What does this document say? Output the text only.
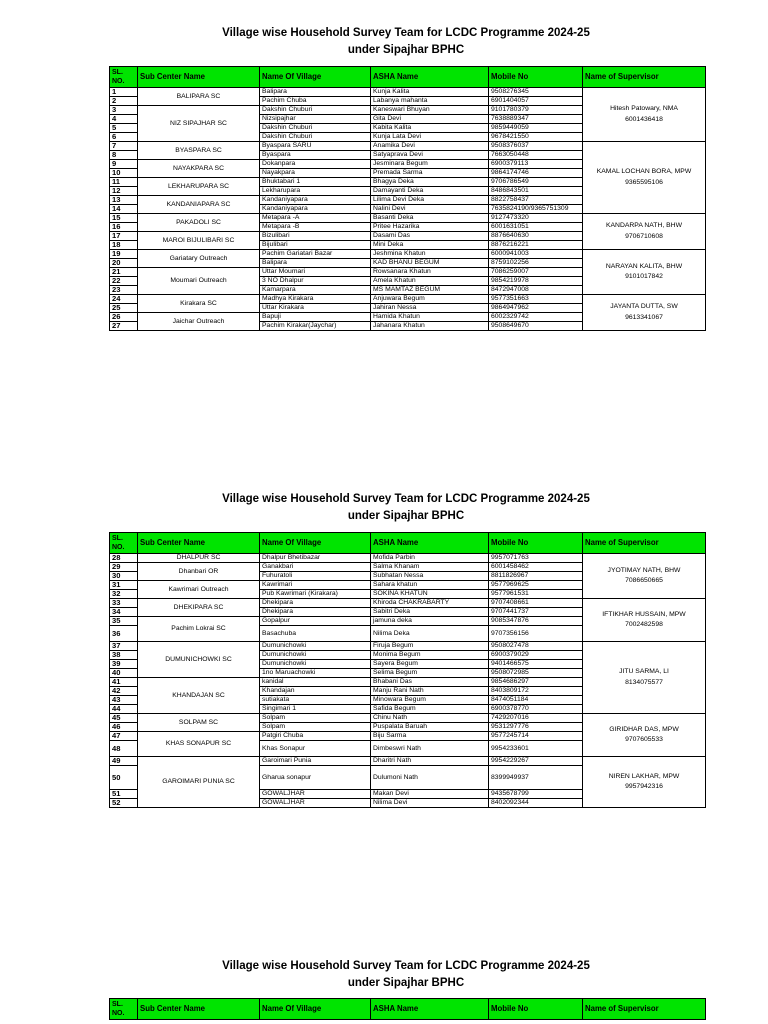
Village wise Household Survey Team for LCDC Programme 2024-25
under Sipajhar BPHC
SL.
NO.	Sub Center Name	Name Of Village	ASHA Name	Mobile No	Name of Supervisor
1	BALIPARA SC	Balipara	Kunja Kalita	9508276345	Hitesh Patowary, NMA
6001436418

2		Pachim Chuba	Labanya mahanta	6901404057	
3	NIZ SIPAJHAR SC	Dakshin Chuburi	Kaneswari Bhuyan	9101780379	
4		Nizsipajhar	Gita Devi	7638889347	
5		Dakshin Chuburi	Kabita Kalita	9859449059	
6		Dakshin Chuburi	Kunja Lata Devi	9678421550	
7	BYASPARA SC	Byaspara SARU	Anamika Devi	9508376037	KAMAL LOCHAN BORA, MPW
9365595106

8		Byaspara	Satyaprava Devi	7663050448	
9	NAYAKPARA SC	Dokanpara	Jesminara Begum	6900379113	
10		Nayakpara	Premada Sarma	9864174746	
11	LEKHARUPARA SC	Bhuktabari 1	Bhagya Deka	9706786549	
12		Lekharupara	Damayanti Deka	8486843501	
13	KANDANIAPARA SC	Kandaniyapara	Lilima Devi Deka	8822758437	
14		Kandaniyapara	Nalini Devi	7635824190/9365751309	
15	PAKADOLI SC	Metapara -A	Basanti Deka	9127473320	KANDARPA NATH, BHW
9706710608

16		Metapara -B	Pritee Hazarika	6001631051	
17	MAROI BIJULIBARI SC	Bizulibari	Dasami Das	8876640630	
18		Bijulibari	Mini Deka	8876216221	
19	Gariatary Outreach	Pachim Gariatari Bazar	Jeshmina Khatun	6000941003	NARAYAN KALITA, BHW
9101017842

20		Balipara	KAD BHANU BEGUM	8759102256	
21	Moumari Outreach	Uttar Moumari	Rowsanara Khatun	7086259007	
22		3 NO Dhalpur	Amela Khatun	9854219978	
23		Kamarpara	MS MAMTAZ BEGUM	8472947008	
24	Kirakara SC	Madhya Kirakara	Anjuwara Begum	9577351663	JAYANTA DUTTA, SW
9613341067

25		Uttar Kirakara	Jahiran Nessa	9864947962	
26	Jaichar Outreach	Bapuji	Hamida Khatun	6002329742	
27		Pachim Kirakar(Jaychar)	Jahanara Khatun	9508649670	
Village wise Household Survey Team for LCDC Programme 2024-25
under Sipajhar BPHC
SL.
NO.	Sub Center Name	Name Of Village	ASHA Name	Mobile No	Name of Supervisor
28	DHALPUR SC	Dhalpur Bhetibazar	Mofida Parbin	9957071763	JYOTIMAY NATH, BHW
7086650665

29	Dhanbari OR	Ganakbari	Salma Khanam	6001458462	
30		Fuhuratoli	Subhatan Nessa	8811826967	
31	Kawrimari Outreach	Kawrimari	Sahara khatun	9577969625	
32		Pub Kawrimari (Kirakara)	SOKINA KHATUN	9577961531	
33	DHEKIPARA SC	Dhekipara	Khiroda CHAKRABARTY	9707408661	IFTIKHAR HUSSAIN, MPW
7002482598

34		Dhekipara	Sabitri Deka	9707441737	
35	Pachim Lokrai SC	Gopalpur	jamuna deka	9085347876	
36		Basachuba	Nilima Deka	9707356156	
37	DUMUNICHOWKI SC	Dumunichowki	Firuja Begum	9508027478	JITU SARMA, LI
8134075577

38		Dumunichowki	Monima Begum	6900379029	
39		Dumunichowki	Sayera Begum	9401466575	
40		1no Maruachowki	Selima Begum	9508072985	
41	KHANDAJAN SC	kanidal	Bhabani Das	9854686297	
42		Khandajan	Manju Rani Nath	8403809172	
43		sutiakata	Minowara Begum	8474051184	
44		Singimari 1	Safida Begum	6900378770	
45	SOLPAM SC	Solpam	Chinu Nath	7429207016	GIRIDHAR DAS, MPW
9707605533

46		Solpam	Puspalata Baruah	9531297776	
47	KHAS SONAPUR SC	Patgiri Chuba	Biju Sarma	9577245714	
48		Khas Sonapur	Dimbeswri Nath	9954233601	
49	GAROIMARI PUNIA SC	Garoimari Punia	Dharitri Nath	9954229267	NIREN LAKHAR, MPW
9957942316

50		Gharua sonapur	Dulumoni Nath	8399949937	
51		GOWALJHAR	Makan Devi	9435678799	
52		GOWALJHAR	Nilima Devi	8402092344	
Village wise Household Survey Team for LCDC Programme 2024-25
under Sipajhar BPHC
SL.
NO.	Sub Center Name	Name Of Village	ASHA Name	Mobile No	Name of Supervisor
